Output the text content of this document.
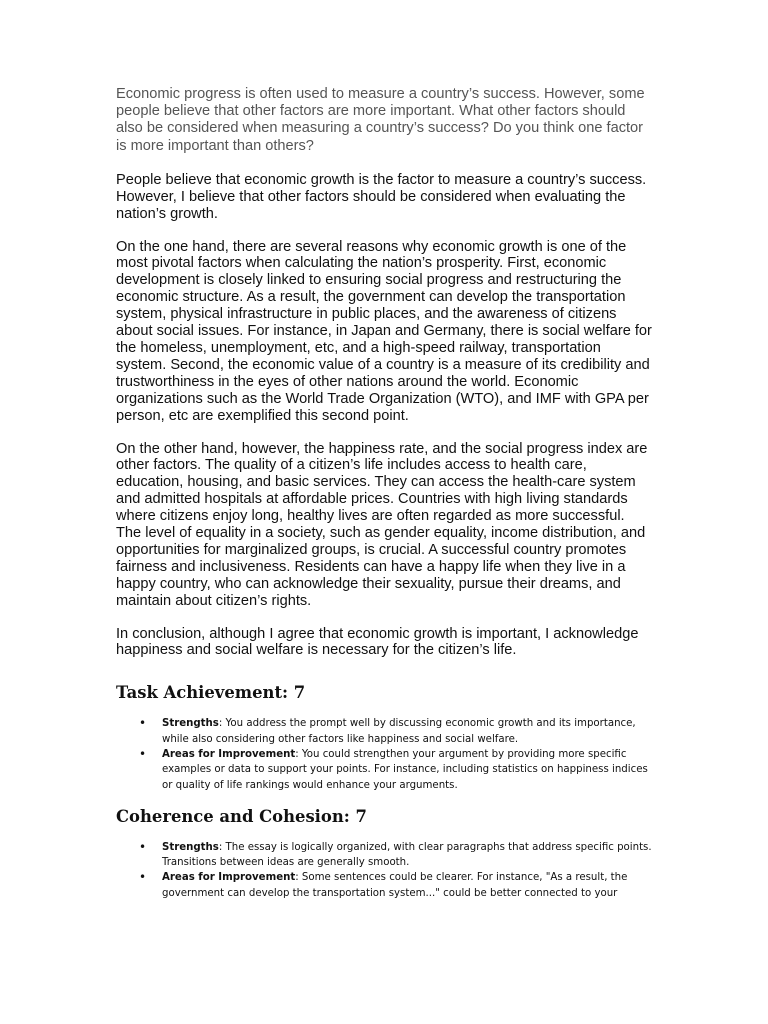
Economic progress is often used to measure a country’s success. However, some people believe that other factors are more important. What other factors should also be considered when measuring a country’s success? Do you think one factor is more important than others?

People believe that economic growth is the factor to measure a country’s success. However, I believe that other factors should be considered when evaluating the nation’s growth.

On the one hand, there are several reasons why economic growth is one of the most pivotal factors when calculating the nation’s prosperity. First, economic development is closely linked to ensuring social progress and restructuring the economic structure. As a result, the government can develop the transportation system, physical infrastructure in public places, and the awareness of citizens about social issues. For instance, in Japan and Germany, there is social welfare for the homeless, unemployment, etc, and a high-speed railway, transportation system. Second, the economic value of a country is a measure of its credibility and trustworthiness in the eyes of other nations around the world. Economic organizations such as the World Trade Organization (WTO), and IMF with GPA per person, etc are exemplified this second point.

On the other hand, however, the happiness rate, and the social progress index are other factors. The quality of a citizen’s life includes access to health care, education, housing, and basic services. They can access the health-care system and admitted hospitals at affordable prices. Countries with high living standards where citizens enjoy long, healthy lives are often regarded as more successful. The level of equality in a society, such as gender equality, income distribution, and opportunities for marginalized groups, is crucial. A successful country promotes fairness and inclusiveness. Residents can have a happy life when they live in a happy country, who can acknowledge their sexuality, pursue their dreams, and maintain about citizen’s rights.

In conclusion, although I agree that economic growth is important, I acknowledge happiness and social welfare is necessary for the citizen’s life.

Task Achievement: 7
• Strengths: You address the prompt well by discussing economic growth and its importance, while also considering other factors like happiness and social welfare.
• Areas for Improvement: You could strengthen your argument by providing more specific examples or data to support your points. For instance, including statistics on happiness indices or quality of life rankings would enhance your arguments.
Coherence and Cohesion: 7
• Strengths: The essay is logically organized, with clear paragraphs that address specific points. Transitions between ideas are generally smooth.
• Areas for Improvement: Some sentences could be clearer. For instance, "As a result, the government can develop the transportation system..." could be better connected to your
